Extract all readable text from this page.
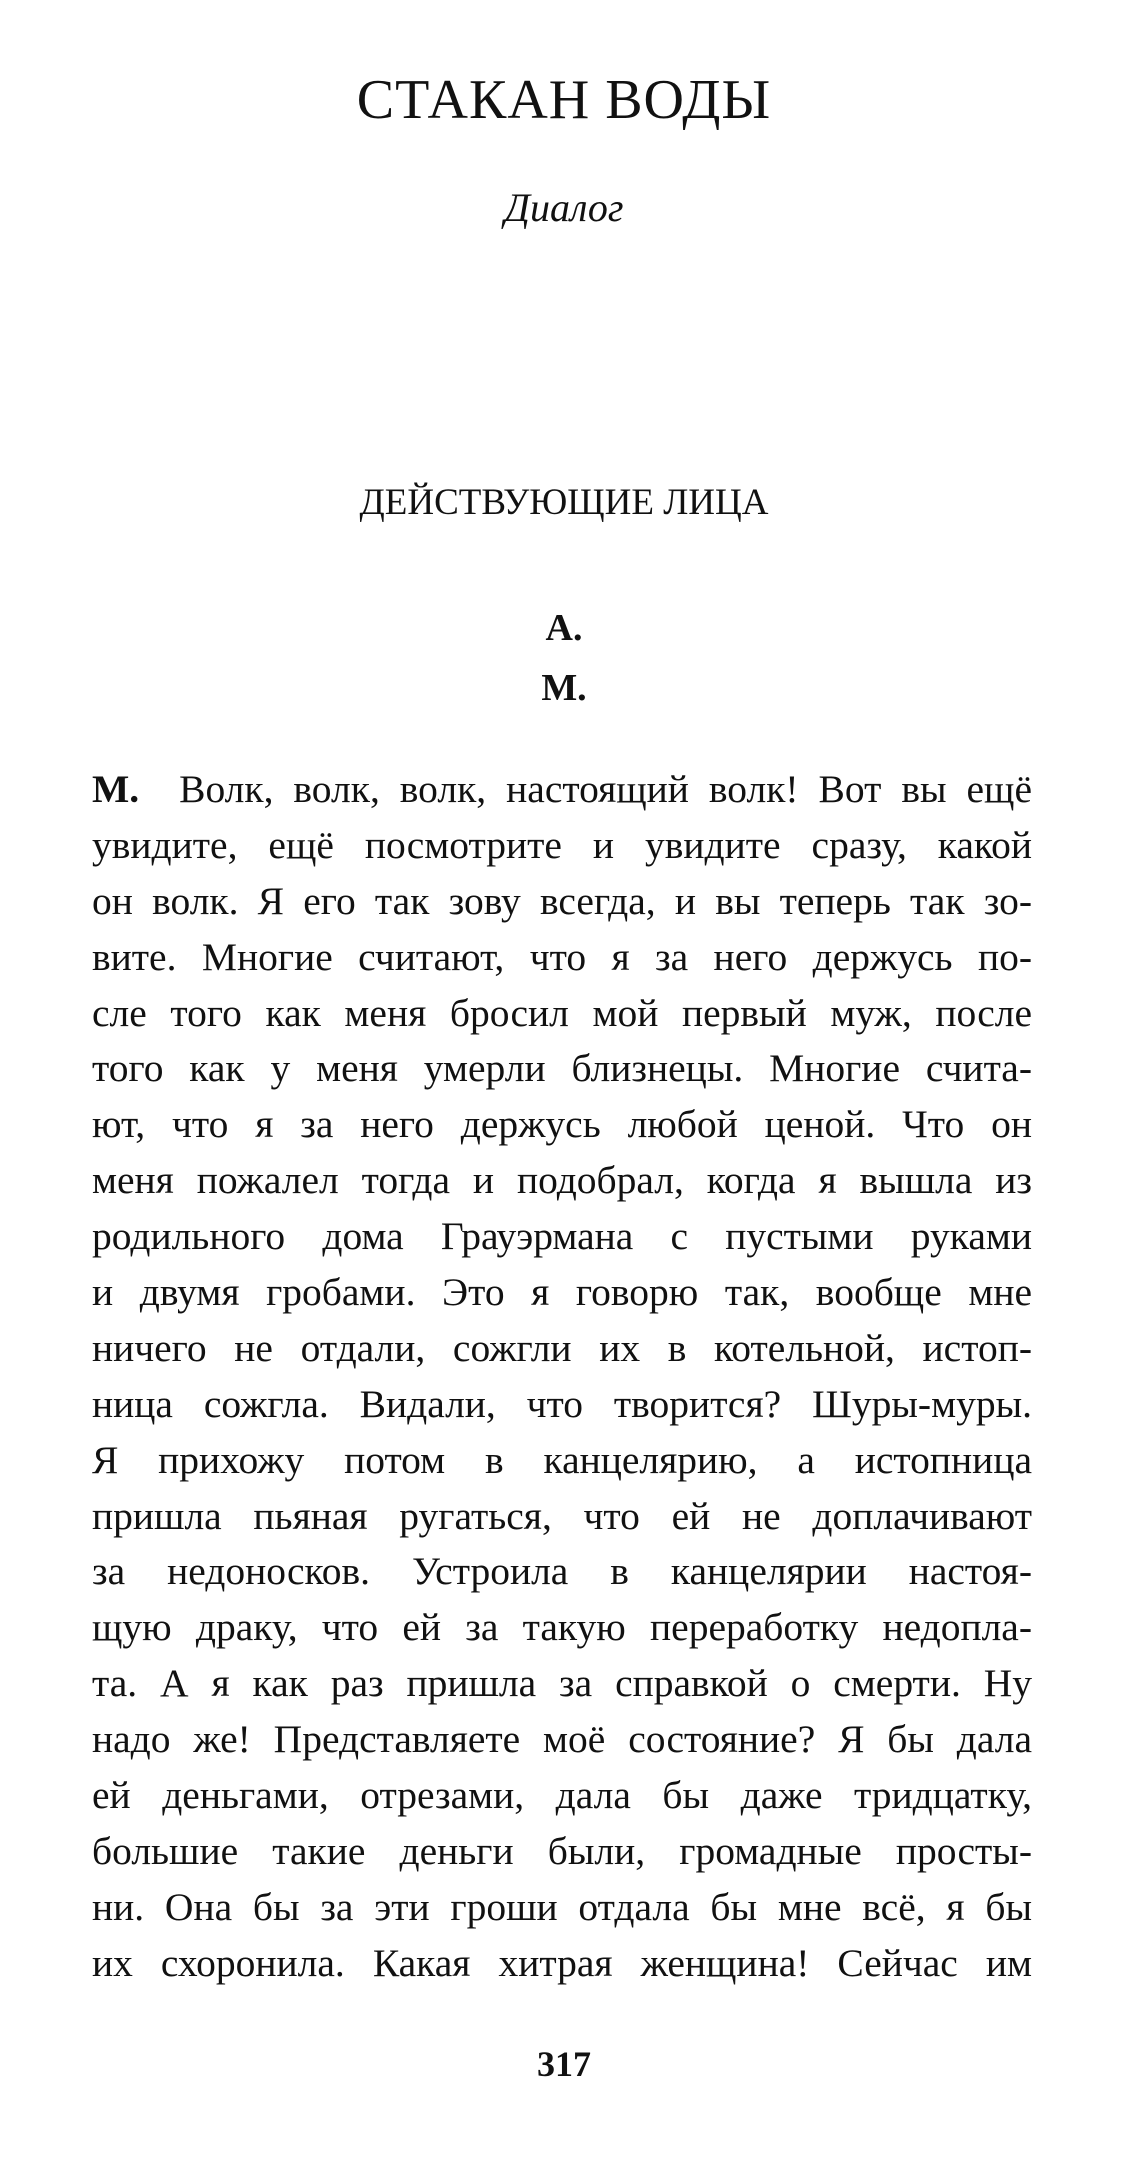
СТАКАН ВОДЫ
Диалог
ДЕЙСТВУЮЩИЕ ЛИЦА
А.
М.
М. Волк, волк, волк, настоящий волк! Вот вы ещё
увидите, ещё посмотрите и увидите сразу, какой
он волк. Я его так зову всегда, и вы теперь так зо-
вите. Многие считают, что я за него держусь по-
сле того как меня бросил мой первый муж, после
того как у меня умерли близнецы. Многие счита-
ют, что я за него держусь любой ценой. Что он
меня пожалел тогда и подобрал, когда я вышла из
родильного дома Грауэрмана с пустыми руками
и двумя гробами. Это я говорю так, вообще мне
ничего не отдали, сожгли их в котельной, истоп-
ница сожгла. Видали, что творится? Шуры-муры.
Я прихожу потом в канцелярию, а истопница
пришла пьяная ругаться, что ей не доплачивают
за недоносков. Устроила в канцелярии настоя-
щую драку, что ей за такую переработку недопла-
та. А я как раз пришла за справкой о смерти. Ну
надо же! Представляете моё состояние? Я бы дала
ей деньгами, отрезами, дала бы даже тридцатку,
большие такие деньги были, громадные просты-
ни. Она бы за эти гроши отдала бы мне всё, я бы
их схоронила. Какая хитрая женщина! Сейчас им
317
